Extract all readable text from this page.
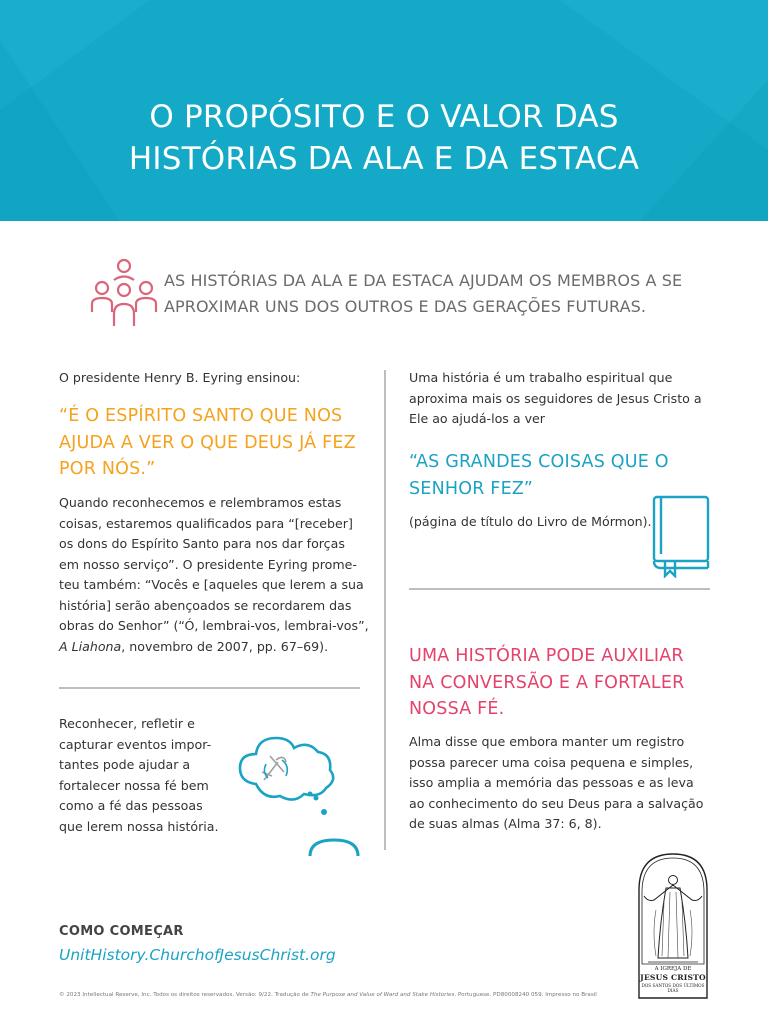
O PROPÓSITO E O VALOR DAS
HISTÓRIAS DA ALA E DA ESTACA
AS HISTÓRIAS DA ALA E DA ESTACA AJUDAM OS MEMBROS A SE
APROXIMAR UNS DOS OUTROS E DAS GERAÇÕES FUTURAS.
O presidente Henry B. Eyring ensinou:
“É O ESPÍRITO SANTO QUE NOS
AJUDA A VER O QUE DEUS JÁ FEZ
POR NÓS.”
Quando reconhecemos e relembramos estas
coisas, estaremos qualificados para “[receber]
os dons do Espírito Santo para nos dar forças
em nosso serviço”. O presidente Eyring prome-
teu também: “Vocês e [aqueles que lerem a sua
história] serão abençoados se recordarem das
obras do Senhor” (“Ó, lembrai-vos, lembrai-vos”,
A Liahona, novembro de 2007, pp. 67–69).
Reconhecer, refletir e
capturar eventos impor-
tantes pode ajudar a
fortalecer nossa fé bem
como a fé das pessoas
que lerem nossa história.
Uma história é um trabalho espiritual que
aproxima mais os seguidores de Jesus Cristo a
Ele ao ajudá-los a ver
“AS GRANDES COISAS QUE O
SENHOR FEZ”
(página de título do Livro de Mórmon).
UMA HISTÓRIA PODE AUXILIAR
NA CONVERSÃO E A FORTALER
NOSSA FÉ.
Alma disse que embora manter um registro
possa parecer uma coisa pequena e simples,
isso amplia a memória das pessoas e as leva
ao conhecimento do seu Deus para a salvação
de suas almas (Alma 37: 6, 8).
COMO COMEÇAR
UnitHistory.ChurchofJesusChrist.org
© 2023 Intellectual Reserve, Inc. Todos os direitos reservados. Versão: 9/22. Tradução de The Purpose and Value of Ward and Stake Histories. Portuguese. PD80008240 059. Impresso no Brasil
A IGREJA DE
JESUS CRISTO
DOS SANTOS DOS ÚLTIMOS DIAS
